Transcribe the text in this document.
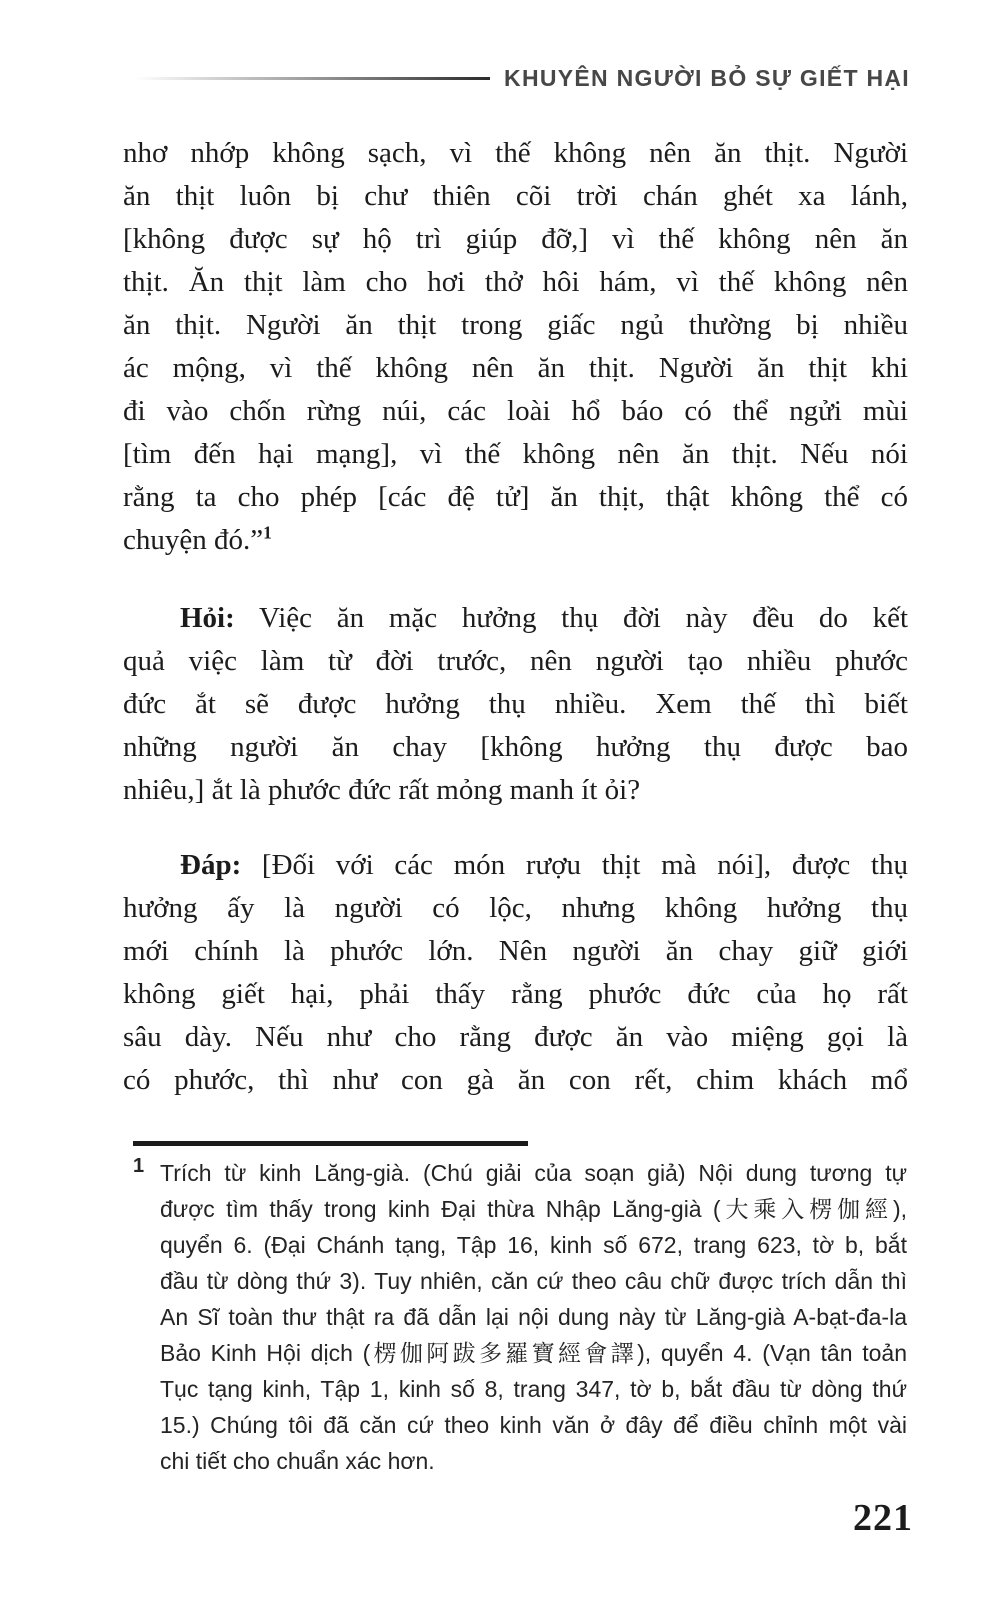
KHUYÊN NGƯỜI BỎ SỰ GIẾT HẠI
nhơ nhớp không sạch, vì thế không nên ăn thịt. Người
ăn thịt luôn bị chư thiên cõi trời chán ghét xa lánh,
[không được sự hộ trì giúp đỡ,] vì thế không nên ăn
thịt. Ăn thịt làm cho hơi thở hôi hám, vì thế không nên
ăn thịt. Người ăn thịt trong giấc ngủ thường bị nhiều
ác mộng, vì thế không nên ăn thịt. Người ăn thịt khi
đi vào chốn rừng núi, các loài hổ báo có thể ngửi mùi
[tìm đến hại mạng], vì thế không nên ăn thịt. Nếu nói
rằng ta cho phép [các đệ tử] ăn thịt, thật không thể có
chuyện đó.”$^1$
Hỏi: Việc ăn mặc hưởng thụ đời này đều do kết
quả việc làm từ đời trước, nên người tạo nhiều phước
đức ắt sẽ được hưởng thụ nhiều. Xem thế thì biết
những người ăn chay [không hưởng thụ được bao
nhiêu,] ắt là phước đức rất mỏng manh ít ỏi?
Đáp: [Đối với các món rượu thịt mà nói], được thụ
hưởng ấy là người có lộc, nhưng không hưởng thụ
mới chính là phước lớn. Nên người ăn chay giữ giới
không giết hại, phải thấy rằng phước đức của họ rất
sâu dày. Nếu như cho rằng được ăn vào miệng gọi là
có phước, thì như con gà ăn con rết, chim khách mổ
1 Trích từ kinh Lăng-già. (Chú giải của soạn giả) Nội dung tương tự
được tìm thấy trong kinh Đại thừa Nhập Lăng-già (大乘入楞伽經),
quyển 6. (Đại Chánh tạng, Tập 16, kinh số 672, trang 623, tờ b, bắt
đầu từ dòng thứ 3). Tuy nhiên, căn cứ theo câu chữ được trích dẫn thì
An Sĩ toàn thư thật ra đã dẫn lại nội dung này từ Lăng-già A-bạt-đa-la
Bảo Kinh Hội dịch (楞伽阿跋多羅寶經會譯), quyển 4. (Vạn tân toản
Tục tạng kinh, Tập 1, kinh số 8, trang 347, tờ b, bắt đầu từ dòng thứ
15.) Chúng tôi đã căn cứ theo kinh văn ở đây để điều chỉnh một vài
chi tiết cho chuẩn xác hơn.
221
